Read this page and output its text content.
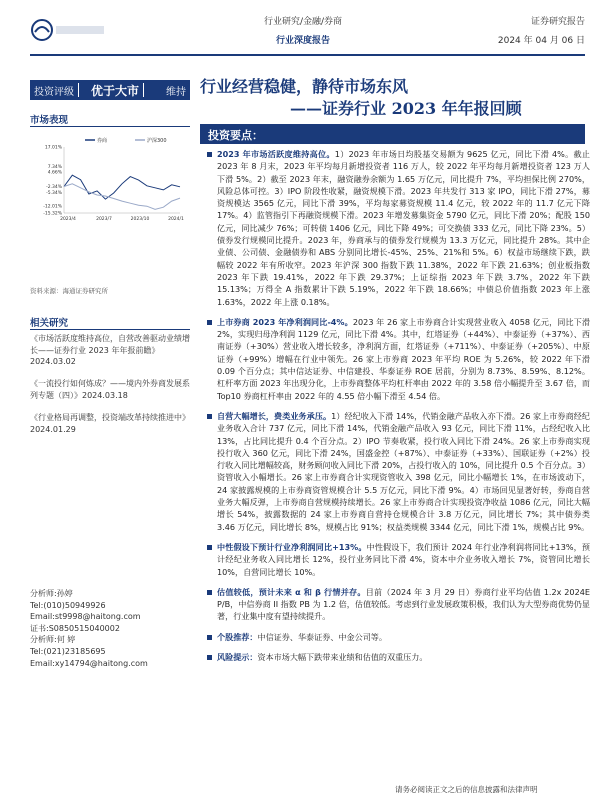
行业研究/金融/券商
行业深度报告
证券研究报告
2024 年 04 月 06 日
投资评级	优于大市	维持 行业经营稳健，静待市场东风
——证券行业 2023 年年报回顾
市场表现
券商	沪深300
17.01%
7.34%
-2.34%
-12.01%
4.66%
-5.34%
-15.32%
2023/4	2023/7	2023/10	2024/1
资料来源：海通证券研究所
相关研究
《市场活跃度维持高位，自营改善驱动业绩增长——证券行业 2023 年年报前瞻》2024.03.02
《一流投行如何炼成？——境内外券商发展系列专题（四）》2024.03.18
《行业格局再调整，投资端改革持续推进中》2024.01.29
分析师:孙婷
Tel:(010)50949926
Email:st9998@haitong.com
证书:S0850515040002
分析师:何 婷
Tel:(021)23185695
Email:xy14794@haitong.com
投资要点：
2023 年市场活跃度维持高位。1）2023 年市场日均股基交易额为 9625 亿元，同比下滑 4%。截止 2023 年 8 月末，2023 年平均每月新增投资者 116 万人，较 2022 年平均每月新增投资者 123 万人下滑 5%。2）截至 2023 年末，融资融券余额为 1.65 万亿元，同比提升 7%，平均担保比例 270%，风险总体可控。3）IPO 阶段性收紧，融资规模下滑。2023 年共发行 313 家 IPO，同比下滑 27%，募资规模达 3565 亿元，同比下滑 39%，平均每家募资规模 11.4 亿元，较 2022 年的 11.7 亿元下降 17%。4）监管指引下再融资规模下滑。2023 年增发募集资金 5790 亿元，同比下滑 20%；配股 150 亿元，同比减少 76%；可转债 1406 亿元，同比下降 49%；可交换债 333 亿元，同比下降 23%。5）债券发行规模同比提升。2023 年，券商承与的债券发行规模为 13.3 万亿元，同比提升 28%。其中企业债、公司债、金融债券和 ABS 分别同比增长-45%、25%、21%和 5%。6）权益市场继续下跌，跌幅较 2022 年有所收窄。2023 年沪深 300 指数下跌 11.38%，2022 年下跌 21.63%；创业板指数 2023 年下跌 19.41%，2022 年下跌 29.37%；上证综指 2023 年下跌 3.7%，2022 年下跌 15.13%；万得全 A 指数累计下跌 5.19%，2022 年下跌 18.66%；中债总价值指数 2023 年上涨 1.63%，2022 年上涨 0.18%。
上市券商 2023 年净利润同比-4%。2023 年 26 家上市券商合计实现营业收入 4058 亿元，同比下滑 2%，实现归母净利润 1129 亿元，同比下滑 4%。其中，红塔证券（+44%）、中泰证券（+37%）、西南证券（+30%）营业收入增长较多，净利润方面，红塔证券（+711%）、中泰证券（+205%）、中原证券（+99%）增幅在行业中领先。26 家上市券商 2023 年平均 ROE 为 5.26%，较 2022 年下滑 0.09 个百分点；其中信达证券、中信建投、华泰证券 ROE 居前，分别为 8.73%、8.59%、8.12%。杠杆率方面 2023 年出现分化，上市券商整体平均杠杆率由 2022 年的 3.58 倍小幅提升至 3.67 倍，而 Top10 券商杠杆率由 2022 年的 4.55 倍小幅下滑至 4.54 倍。
自营大幅增长，费类业务承压。1）经纪收入下滑 14%，代销金融产品收入亦下滑。26 家上市券商经纪业务收入合计 737 亿元，同比下滑 14%，代销金融产品收入 93 亿元，同比下滑 11%，占经纪收入比 13%，占比同比提升 0.4 个百分点。2）IPO 节奏收紧，投行收入同比下滑 24%。26 家上市券商实现投行收入 360 亿元，同比下滑 24%，国盛金控（+87%）、中泰证券（+33%）、国联证券（+2%）投行收入同比增幅较高，财务顾问收入同比下滑 20%，占投行收入的 10%，同比提升 0.5 个百分点。3）资管收入小幅增长。26 家上市券商合计实现资管收入 398 亿元，同比小幅增长 1%，在市场波动下，24 家披露规模的上市券商资管规模合计 5.5 万亿元，同比下滑 9%。4）市场回见显著好转，券商自营业务大幅反弹，上市券商自营规模持续增长。26 家上市券商合计实现投资净收益 1086 亿元，同比大幅增长 54%，披露数据的 24 家上市券商自营持仓规模合计 3.8 万亿元，同比增长 7%；其中债券类 3.46 万亿元，同比增长 8%，规模占比 91%；权益类规模 3344 亿元，同比下滑 1%，规模占比 9%。
中性假设下预计行业净利润同比+13%。中性假设下，我们预计 2024 年行业净利润将同比+13%，预计经纪业务收入同比增长 12%，投行业务同比下滑 4%，资本中介业务收入增长 7%，资管同比增长 10%，自营同比增长 10%。
估值较低，预计未来 α 和 β 行情并存。目前（2024 年 3 月 29 日）券商行业平均估值 1.2x 2024E P/B，中信券商 II 指数 PB 为 1.2 倍，估值较低。考虑到行业发展政策积极，我们认为大型券商优势仍显著，行业集中度有望持续提升。
个股推荐：中信证券、华泰证券、中金公司等。
风险提示：资本市场大幅下跌带来业绩和估值的双重压力。
请务必阅读正文之后的信息披露和法律声明
